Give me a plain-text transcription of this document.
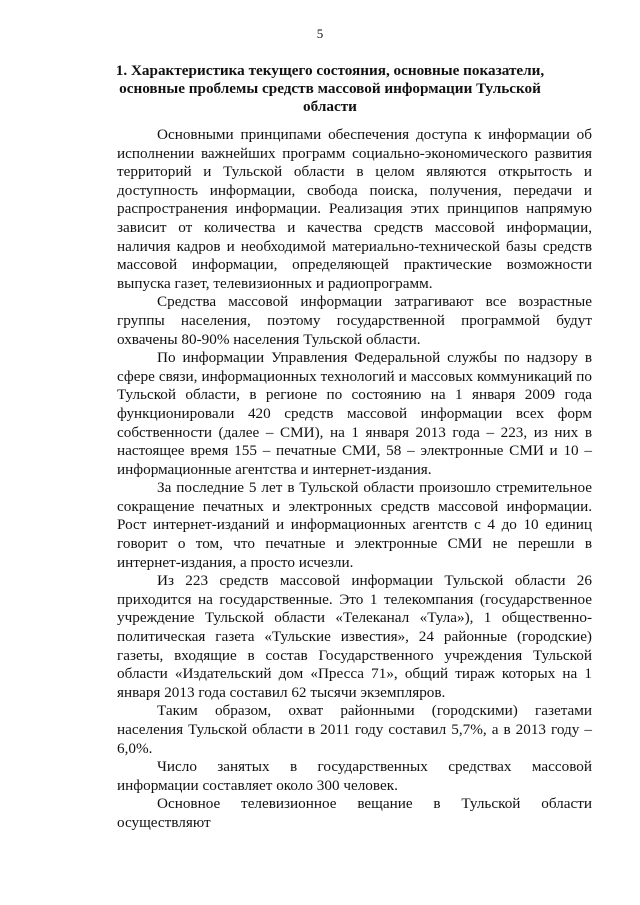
5
1. Характеристика текущего состояния, основные показатели, основные проблемы средств массовой информации Тульской области

Основными принципами обеспечения доступа к информации об исполнении важнейших программ социально-экономического развития территорий и Тульской области в целом являются открытость и доступность информации, свобода поиска, получения, передачи и распространения информации. Реализация этих принципов напрямую зависит от количества и качества средств массовой информации, наличия кадров и необходимой материально-технической базы средств массовой информации, определяющей практические возможности выпуска газет, телевизионных и радиопрограмм.

Средства массовой информации затрагивают все возрастные группы населения, поэтому государственной программой будут охвачены 80-90% населения Тульской области.

По информации Управления Федеральной службы по надзору в сфере связи, информационных технологий и массовых коммуникаций по Тульской области, в регионе по состоянию на 1 января 2009 года функционировали 420 средств массовой информации всех форм собственности (далее – СМИ), на 1 января 2013 года – 223, из них в настоящее время 155 – печатные СМИ, 58 – электронные СМИ и 10 – информационные агентства и интернет-издания.

За последние 5 лет в Тульской области произошло стремительное сокращение печатных и электронных средств массовой информации. Рост интернет-изданий и информационных агентств с 4 до 10 единиц говорит о том, что печатные и электронные СМИ не перешли в интернет-издания, а просто исчезли.

Из 223 средств массовой информации Тульской области 26 приходится на государственные. Это 1 телекомпания (государственное учреждение Тульской области «Телеканал «Тула»), 1 общественно-политическая газета «Тульские известия», 24 районные (городские) газеты, входящие в состав Государственного учреждения Тульской области «Издательский дом «Пресса 71», общий тираж которых на 1 января 2013 года составил 62 тысячи экземпляров.

Таким образом, охват районными (городскими) газетами населения Тульской области в 2011 году составил 5,7%, а в 2013 году – 6,0%.

Число занятых в государственных средствах массовой информации составляет около 300 человек.

Основное телевизионное вещание в Тульской области осуществляют
